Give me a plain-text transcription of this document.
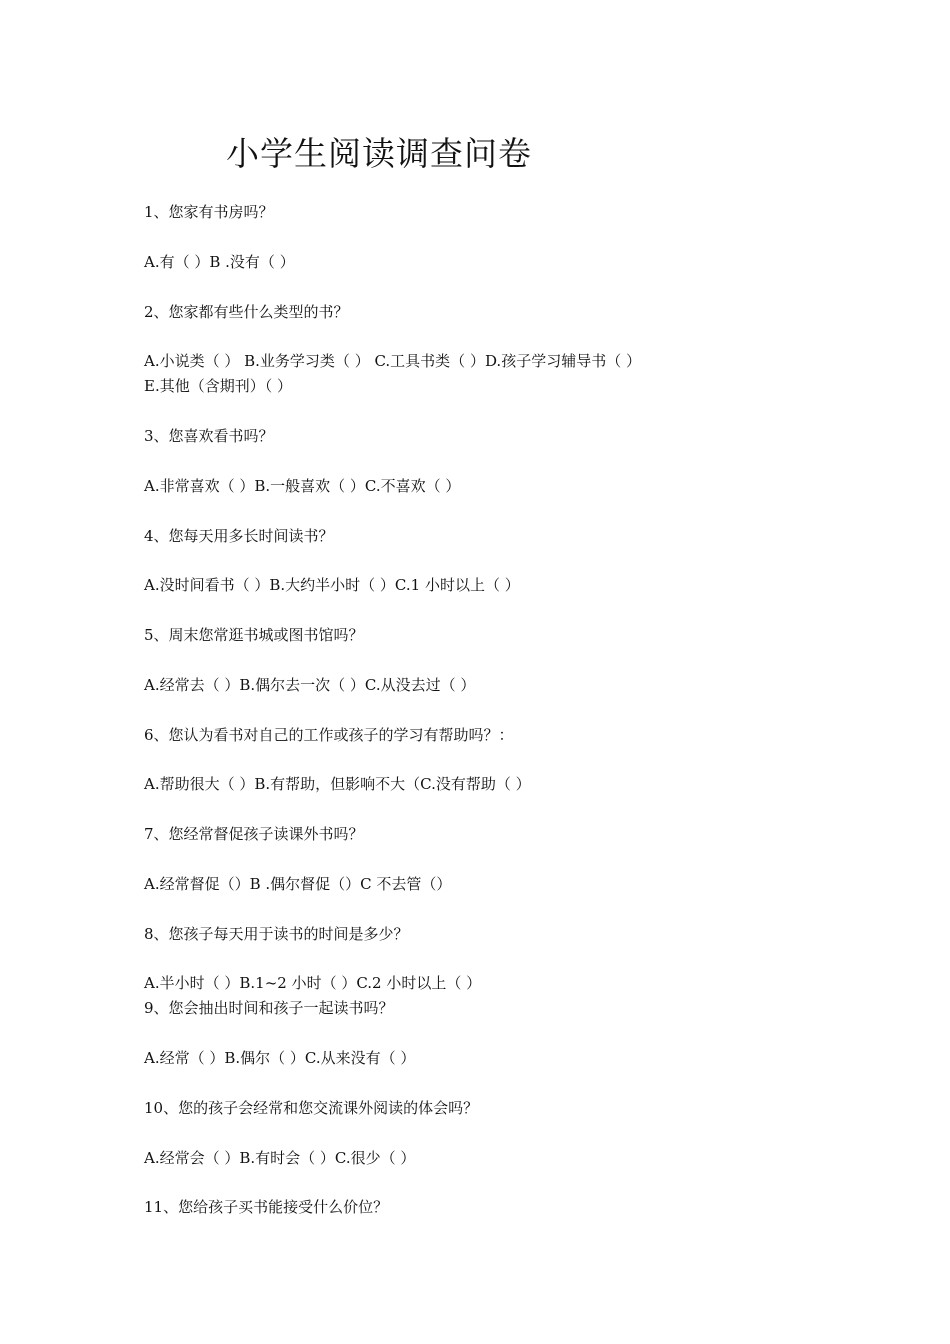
小学生阅读调查问卷
1、您家有书房吗？
A.有（ ）B .没有（ ）
2、您家都有些什么类型的书？
A.小说类（ ） B.业务学习类（ ） C.工具书类（ ）D.孩子学习辅导书（ ）
E.其他（含期刊）（ ）
3、您喜欢看书吗？
A.非常喜欢（ ）B.一般喜欢（ ）C.不喜欢（ ）
4、您每天用多长时间读书？
A.没时间看书（ ）B.大约半小时（ ）C.1 小时以上（ ）
5、周末您常逛书城或图书馆吗？
A.经常去（ ）B.偶尔去一次（ ）C.从没去过（ ）
6、您认为看书对自己的工作或孩子的学习有帮助吗？：
A.帮助很大（ ）B.有帮助，但影响不大（C.没有帮助（ ）
7、您经常督促孩子读课外书吗？
A.经常督促（）B .偶尔督促（）C 不去管（）
8、您孩子每天用于读书的时间是多少？
A.半小时（ ）B.1~2 小时（ ）C.2 小时以上（ ）
9、您会抽出时间和孩子一起读书吗？
A.经常（ ）B.偶尔（ ）C.从来没有（ ）
10、您的孩子会经常和您交流课外阅读的体会吗？
A.经常会（ ）B.有时会（ ）C.很少（ ）
11、您给孩子买书能接受什么价位？
